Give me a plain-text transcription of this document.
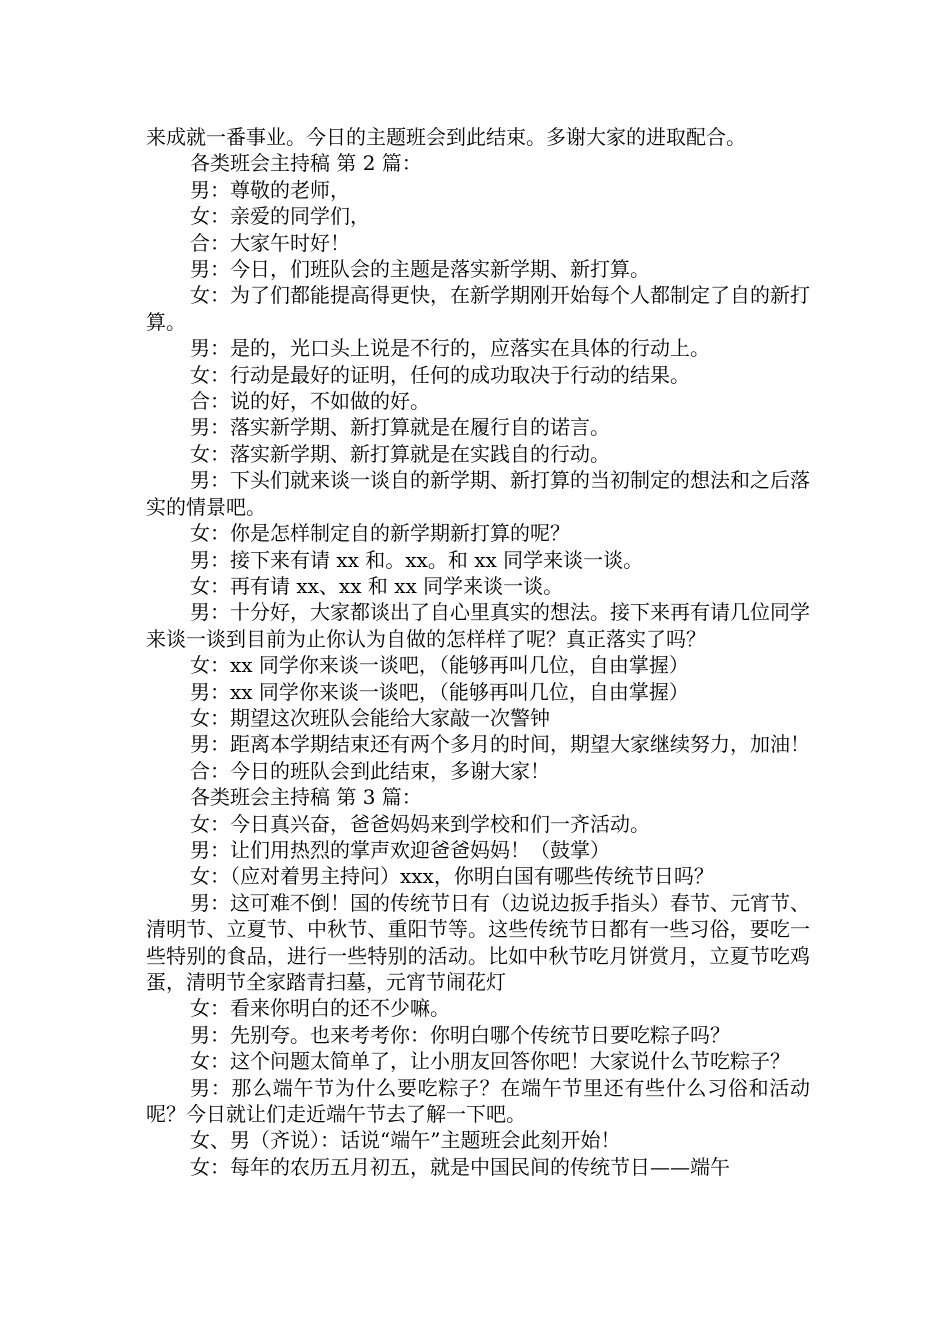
来成就一番事业。今日的主题班会到此结束。多谢大家的进取配合。

各类班会主持稿 第 2 篇：

男：尊敬的老师，

女：亲爱的同学们，

合：大家午时好！

男：今日，们班队会的主题是落实新学期、新打算。

女：为了们都能提高得更快，在新学期刚开始每个人都制定了自的新打算。

男：是的，光口头上说是不行的，应落实在具体的行动上。

女：行动是最好的证明，任何的成功取决于行动的结果。

合：说的好，不如做的好。

男：落实新学期、新打算就是在履行自的诺言。

女：落实新学期、新打算就是在实践自的行动。

男：下头们就来谈一谈自的新学期、新打算的当初制定的想法和之后落实的情景吧。

女：你是怎样制定自的新学期新打算的呢？

男：接下来有请 xx 和。xx。和 xx 同学来谈一谈。

女：再有请 xx、xx 和 xx 同学来谈一谈。

男：十分好，大家都谈出了自心里真实的想法。接下来再有请几位同学来谈一谈到目前为止你认为自做的怎样样了呢？真正落实了吗？

女：xx 同学你来谈一谈吧，（能够再叫几位，自由掌握）

男：xx 同学你来谈一谈吧，（能够再叫几位，自由掌握）

女：期望这次班队会能给大家敲一次警钟

男：距离本学期结束还有两个多月的时间，期望大家继续努力，加油！

合：今日的班队会到此结束，多谢大家！

各类班会主持稿 第 3 篇：

女：今日真兴奋，爸爸妈妈来到学校和们一齐活动。

男：让们用热烈的掌声欢迎爸爸妈妈！（鼓掌）

女：（应对着男主持问）xxx，你明白国有哪些传统节日吗？

男：这可难不倒！国的传统节日有（边说边扳手指头）春节、元宵节、清明节、立夏节、中秋节、重阳节等。这些传统节日都有一些习俗，要吃一些特别的食品，进行一些特别的活动。比如中秋节吃月饼赏月，立夏节吃鸡蛋，清明节全家踏青扫墓，元宵节闹花灯

女：看来你明白的还不少嘛。

男：先别夸。也来考考你：你明白哪个传统节日要吃粽子吗？

女：这个问题太简单了，让小朋友回答你吧！大家说什么节吃粽子？

男：那么端午节为什么要吃粽子？在端午节里还有些什么习俗和活动呢？今日就让们走近端午节去了解一下吧。

女、男（齐说）：话说“端午”主题班会此刻开始！

女：每年的农历五月初五，就是中国民间的传统节日——端午
